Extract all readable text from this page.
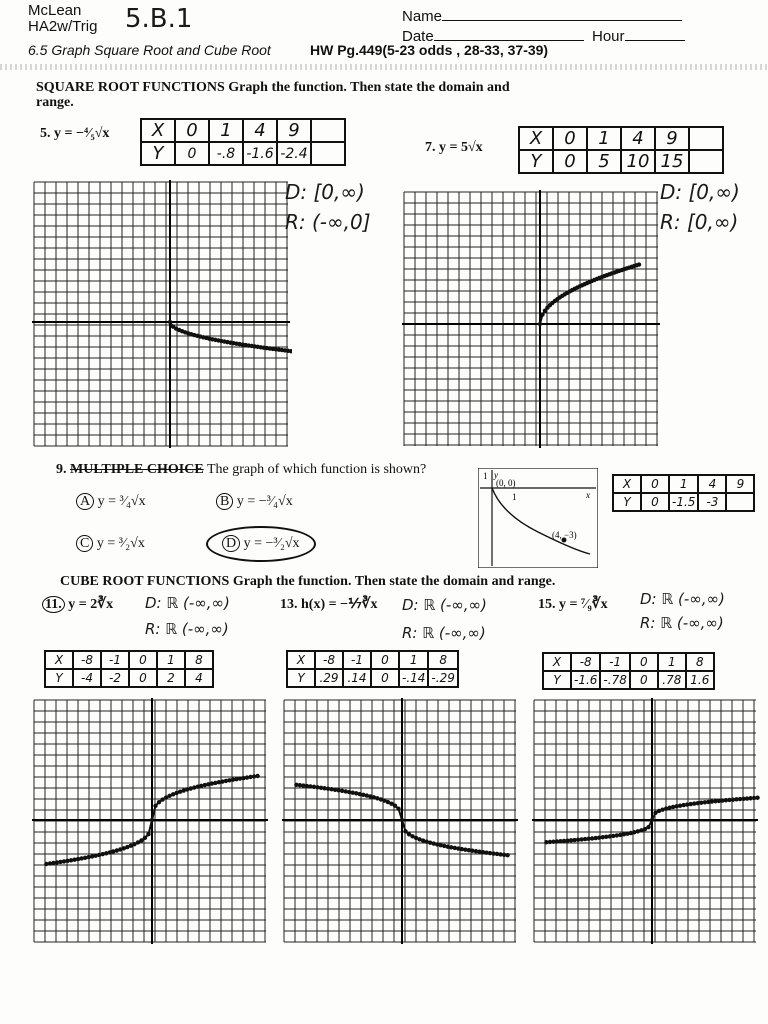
McLean
HA2w/Trig 5.B.1	Name
Date	Hour
6.5 Graph Square Root and Cube Root	HW Pg.449(5-23 odds , 28-33, 37-39)
SQUARE ROOT FUNCTIONS Graph the function. Then state the domain and range.
5. y = −⁴⁄₅√x X	0	1	4	9	
Y	0	-.8	-1.6	-2.4	
D: [0,∞)
R: (-∞,0]
7. y = 5√x	X	0	1	4	9	
Y	0	5	10	15	
D: [0,∞)
R: [0,∞)
9. MULTIPLE CHOICE The graph of which function is shown?
A y = ³⁄₄√x	B y = −³⁄₄√x
C y = ³⁄₂√x	D y = −³⁄₂√x
y
(0, 0)
1
1	x
(4, −3)
X	0	1	4	9
Y	0	-1.5	-3	
CUBE ROOT FUNCTIONS Graph the function. Then state the domain and range.
11. y = 2∛x D: ℝ (-∞,∞)
R: ℝ (-∞,∞)
X	-8	-1	0	1	8
Y	-4	-2	0	2	4
13. h(x) = −⅐∛x D: ℝ (-∞,∞)
R: ℝ (-∞,∞)
X	-8	-1	0	1	8
Y	.29	.14	0	-.14	-.29
15. y = ⁷⁄₉∛x D: ℝ (-∞,∞)
R: ℝ (-∞,∞)
X	-8	-1	0	1	8
Y	-1.6	-.78	0	.78	1.6
